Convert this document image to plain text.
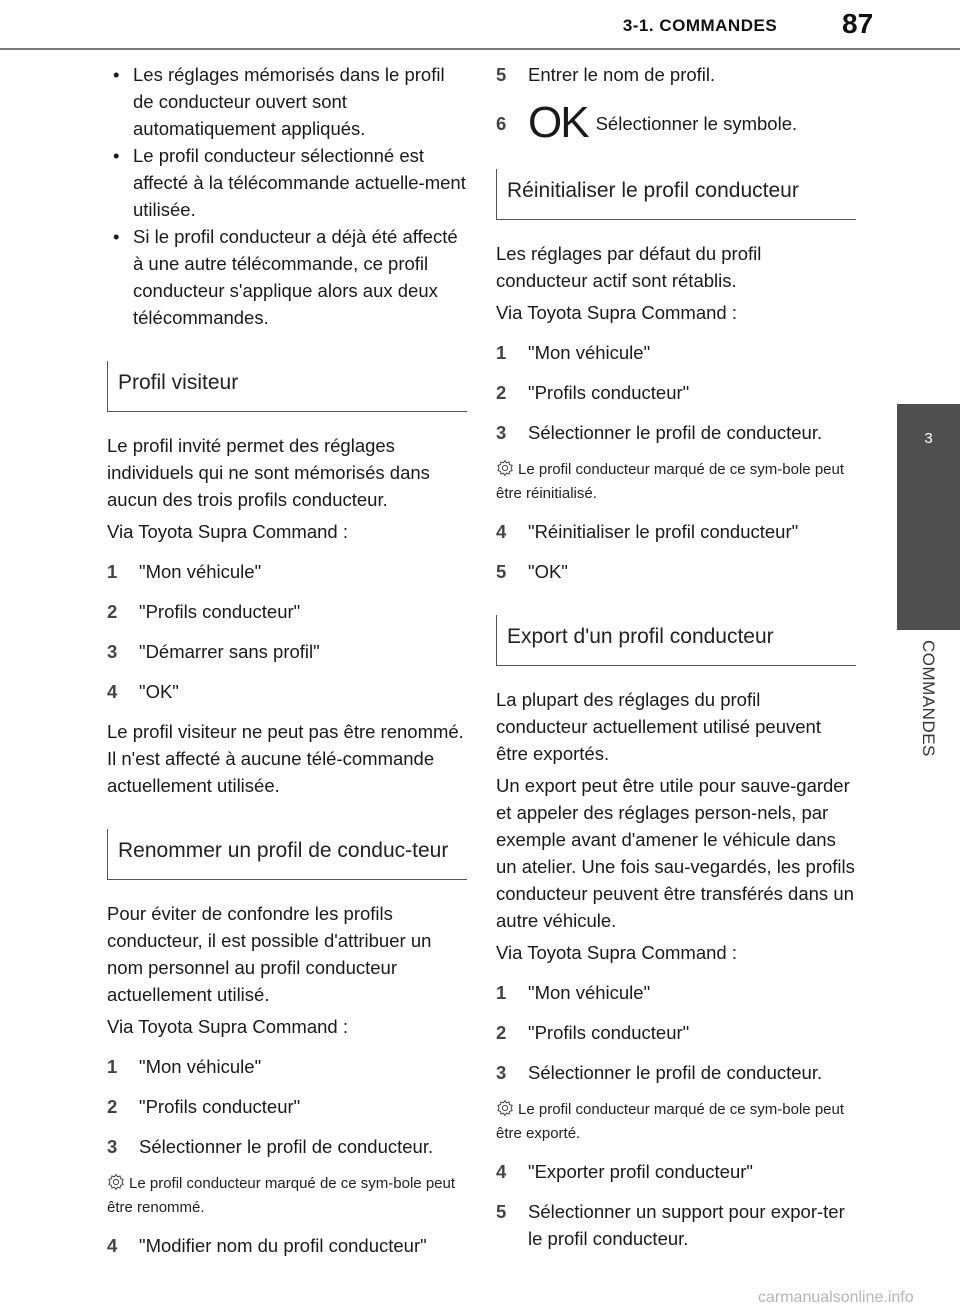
3-1. COMMANDES	87
3
COMMANDES
• Les réglages mémorisés dans le profil de conducteur ouvert sont automatiquement appliqués.
• Le profil conducteur sélectionné est affecté à la télécommande actuelle-ment utilisée.
• Si le profil conducteur a déjà été affecté à une autre télécommande, ce profil conducteur s'applique alors aux deux télécommandes.
Profil visiteur

Le profil invité permet des réglages individuels qui ne sont mémorisés dans aucun des trois profils conducteur.

Via Toyota Supra Command :

1	"Mon véhicule"
2	"Profils conducteur"
3	"Démarrer sans profil"
4	"OK"

Le profil visiteur ne peut pas être renommé. Il n'est affecté à aucune télé-commande actuellement utilisée.

Renommer un profil de conduc-teur

Pour éviter de confondre les profils conducteur, il est possible d'attribuer un nom personnel au profil conducteur actuellement utilisé.

Via Toyota Supra Command :

1	"Mon véhicule"
2	"Profils conducteur"
3	Sélectionner le profil de conducteur.
Le profil conducteur marqué de ce sym-bole peut être renommé.
4	"Modifier nom du profil conducteur"
5	Entrer le nom de profil.
6 OK Sélectionner le symbole.
Réinitialiser le profil conducteur

Les réglages par défaut du profil conducteur actif sont rétablis.

Via Toyota Supra Command :

1	"Mon véhicule"
2	"Profils conducteur"
3	Sélectionner le profil de conducteur.
Le profil conducteur marqué de ce sym-bole peut être réinitialisé.
4	"Réinitialiser le profil conducteur"
5	"OK"
Export d'un profil conducteur

La plupart des réglages du profil conducteur actuellement utilisé peuvent être exportés.

Un export peut être utile pour sauve-garder et appeler des réglages person-nels, par exemple avant d'amener le véhicule dans un atelier. Une fois sau-vegardés, les profils conducteur peuvent être transférés dans un autre véhicule.

Via Toyota Supra Command :

1	"Mon véhicule"
2	"Profils conducteur"
3	Sélectionner le profil de conducteur.
Le profil conducteur marqué de ce sym-bole peut être exporté.
4	"Exporter profil conducteur"
5	Sélectionner un support pour expor-ter le profil conducteur.
carmanualsonline.info
